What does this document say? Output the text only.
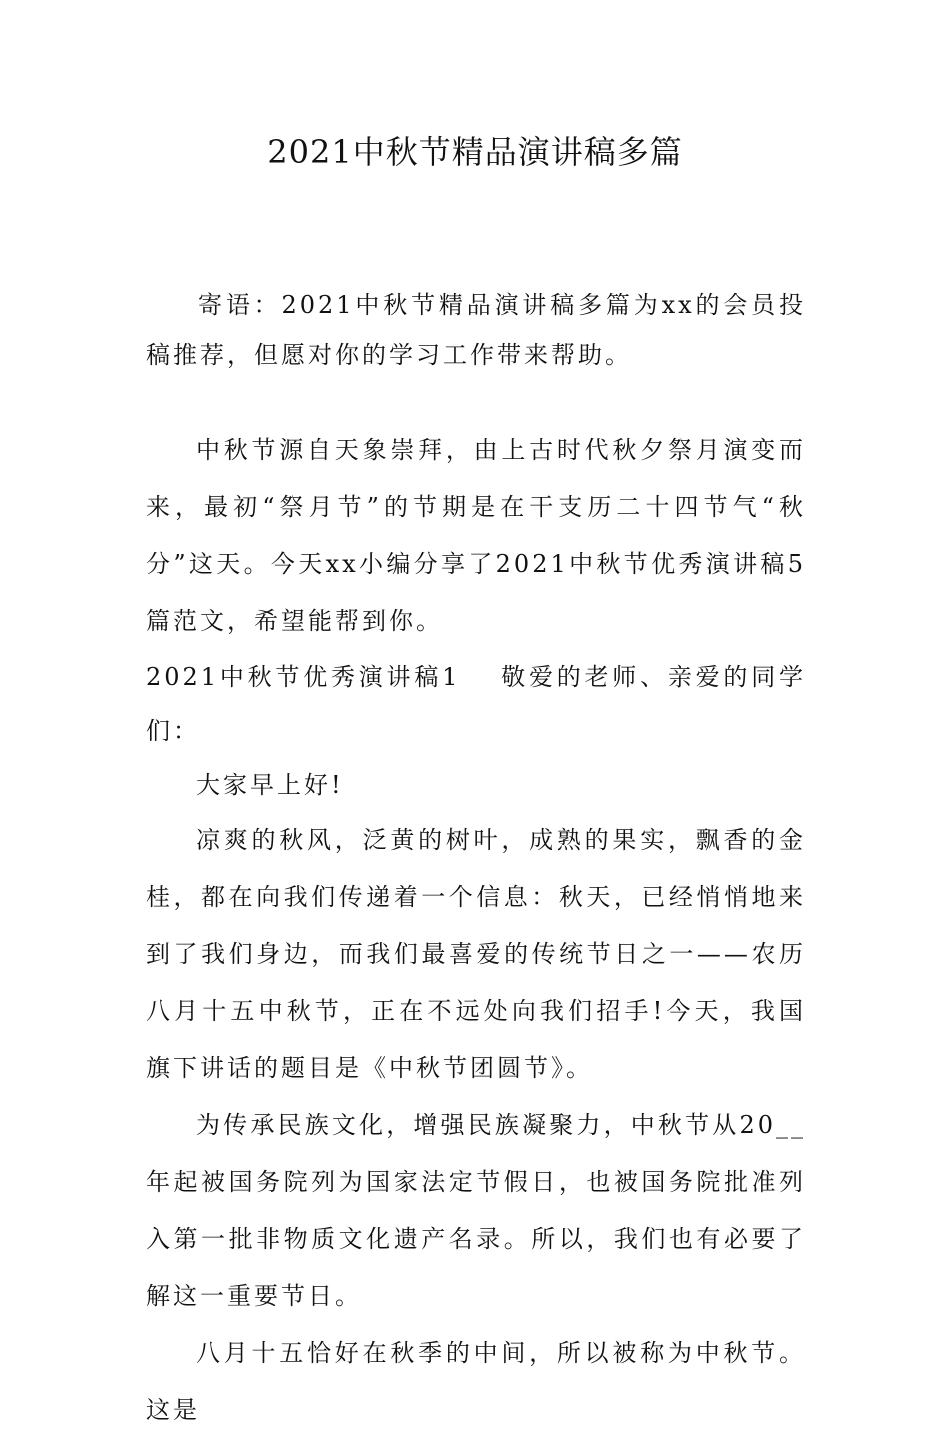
2021中秋节精品演讲稿多篇

寄语：2021中秋节精品演讲稿多篇为xx的会员投稿推荐，但愿对你的学习工作带来帮助。

中秋节源自天象崇拜，由上古时代秋夕祭月演变而来，最初“祭月节”的节期是在干支历二十四节气“秋分”这天。今天xx小编分享了2021中秋节优秀演讲稿5篇范文，希望能帮到你。

2021中秋节优秀演讲稿1 敬爱的老师、亲爱的同学们：

大家早上好!

凉爽的秋风，泛黄的树叶，成熟的果实，飘香的金桂，都在向我们传递着一个信息：秋天，已经悄悄地来到了我们身边，而我们最喜爱的传统节日之一——农历八月十五中秋节，正在不远处向我们招手!今天，我国旗下讲话的题目是《中秋节团圆节》。

为传承民族文化，增强民族凝聚力，中秋节从20__年起被国务院列为国家法定节假日，也被国务院批准列入第一批非物质文化遗产名录。所以，我们也有必要了解这一重要节日。

八月十五恰好在秋季的中间，所以被称为中秋节。这是
